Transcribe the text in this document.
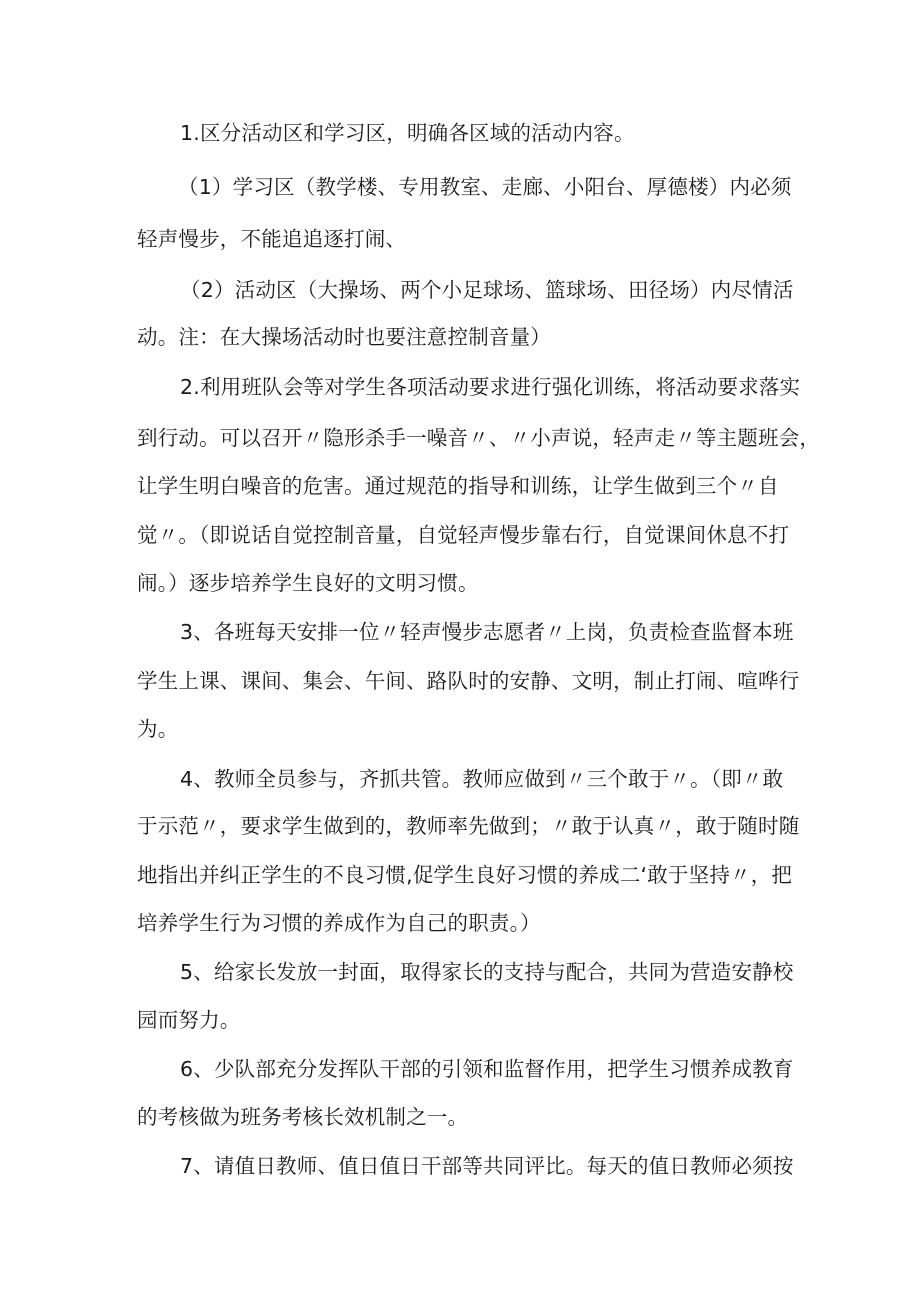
1.区分活动区和学习区，明确各区域的活动内容。
（1）学习区（教学楼、专用教室、走廊、小阳台、厚德楼）内必须
轻声慢步，不能追追逐打闹、
（2）活动区（大操场、两个小足球场、篮球场、田径场）内尽情活
动。注：在大操场活动时也要注意控制音量）
2.利用班队会等对学生各项活动要求进行强化训练，将活动要求落实
到行动。可以召开〃隐形杀手一噪音〃、〃小声说，轻声走〃等主题班会，
让学生明白噪音的危害。通过规范的指导和训练，让学生做到三个〃自
觉〃。（即说话自觉控制音量，自觉轻声慢步靠右行，自觉课间休息不打
闹。）逐步培养学生良好的文明习惯。
3、各班每天安排一位〃轻声慢步志愿者〃上岗，负责检查监督本班
学生上课、课间、集会、午间、路队时的安静、文明，制止打闹、喧哗行
为。
4、教师全员参与，齐抓共管。教师应做到〃三个敢于〃。（即〃敢
于示范〃，要求学生做到的，教师率先做到；〃敢于认真〃，敢于随时随
地指出并纠正学生的不良习惯,促学生良好习惯的养成二‘敢于坚持〃，把
培养学生行为习惯的养成作为自己的职责。）
5、给家长发放一封面，取得家长的支持与配合，共同为营造安静校
园而努力。
6、少队部充分发挥队干部的引领和监督作用，把学生习惯养成教育
的考核做为班务考核长效机制之一。
7、请值日教师、值日值日干部等共同评比。每天的值日教师必须按
